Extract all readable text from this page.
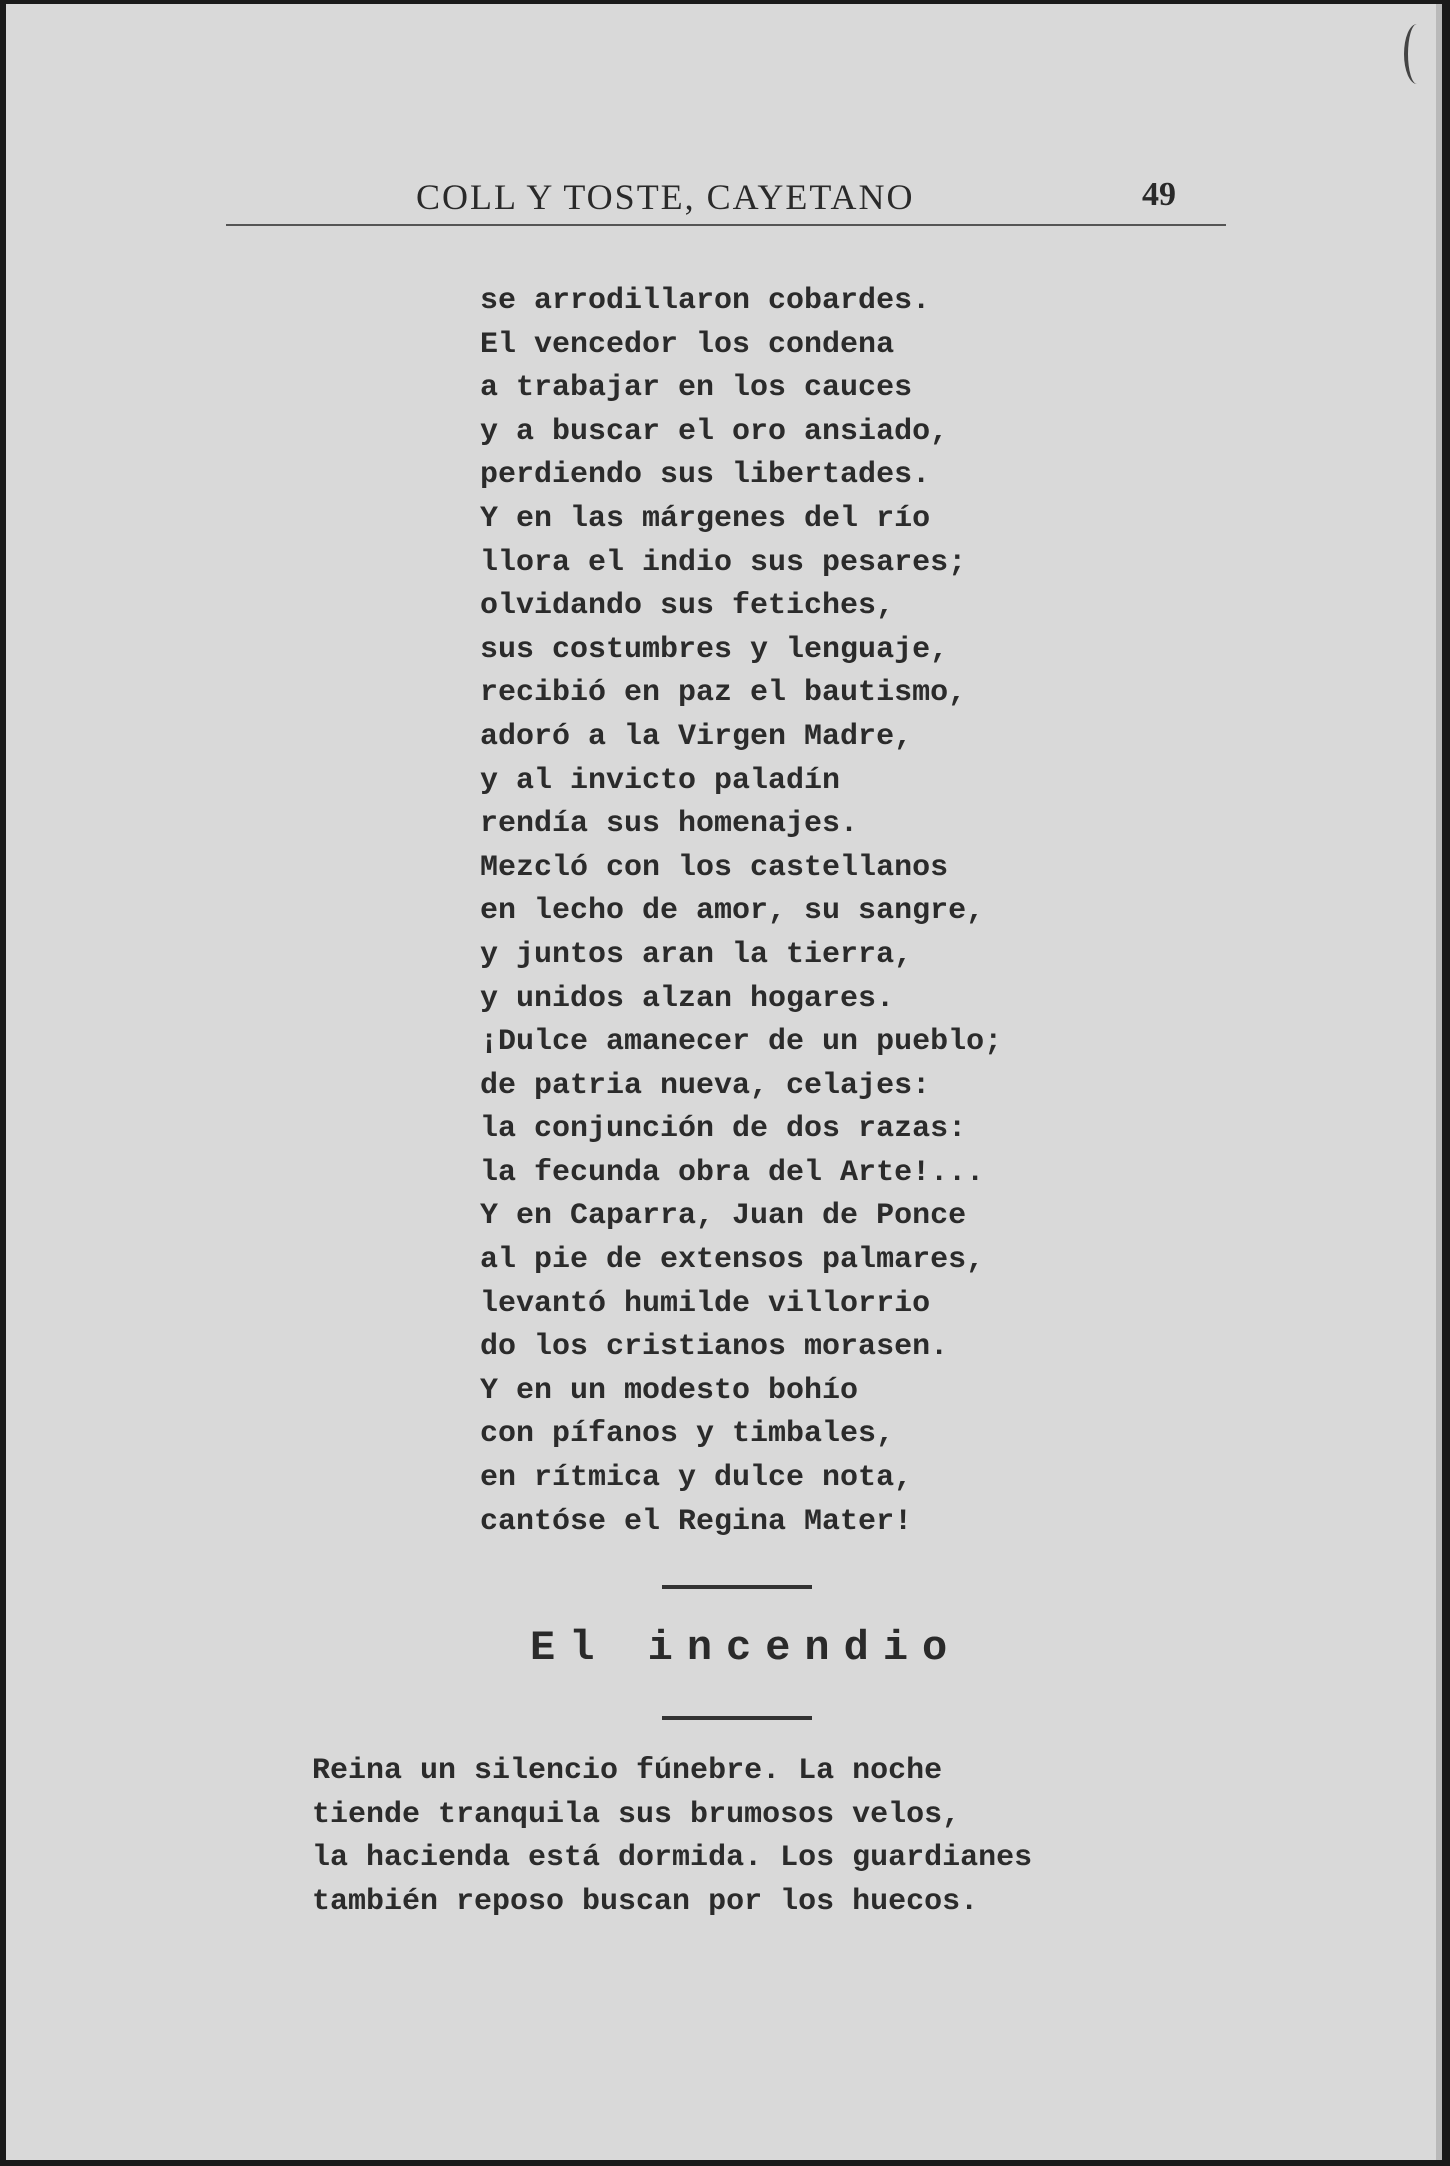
COLL Y TOSTE, CAYETANO	49
se arrodillaron cobardes.
El vencedor los condena
a trabajar en los cauces
y a buscar el oro ansiado,
perdiendo sus libertades.
Y en las márgenes del río
llora el indio sus pesares;
olvidando sus fetiches,
sus costumbres y lenguaje,
recibió en paz el bautismo,
adoró a la Virgen Madre,
y al invicto paladín
rendía sus homenajes.
Mezcló con los castellanos
en lecho de amor, su sangre,
y juntos aran la tierra,
y unidos alzan hogares.
¡Dulce amanecer de un pueblo;
de patria nueva, celajes:
la conjunción de dos razas:
la fecunda obra del Arte!...
Y en Caparra, Juan de Ponce
al pie de extensos palmares,
levantó humilde villorrio
do los cristianos morasen.
Y en un modesto bohío
con pífanos y timbales,
en rítmica y dulce nota,
cantóse el Regina Mater!
El incendio
Reina un silencio fúnebre. La noche
tiende tranquila sus brumosos velos,
la hacienda está dormida. Los guardianes
también reposo buscan por los huecos.
